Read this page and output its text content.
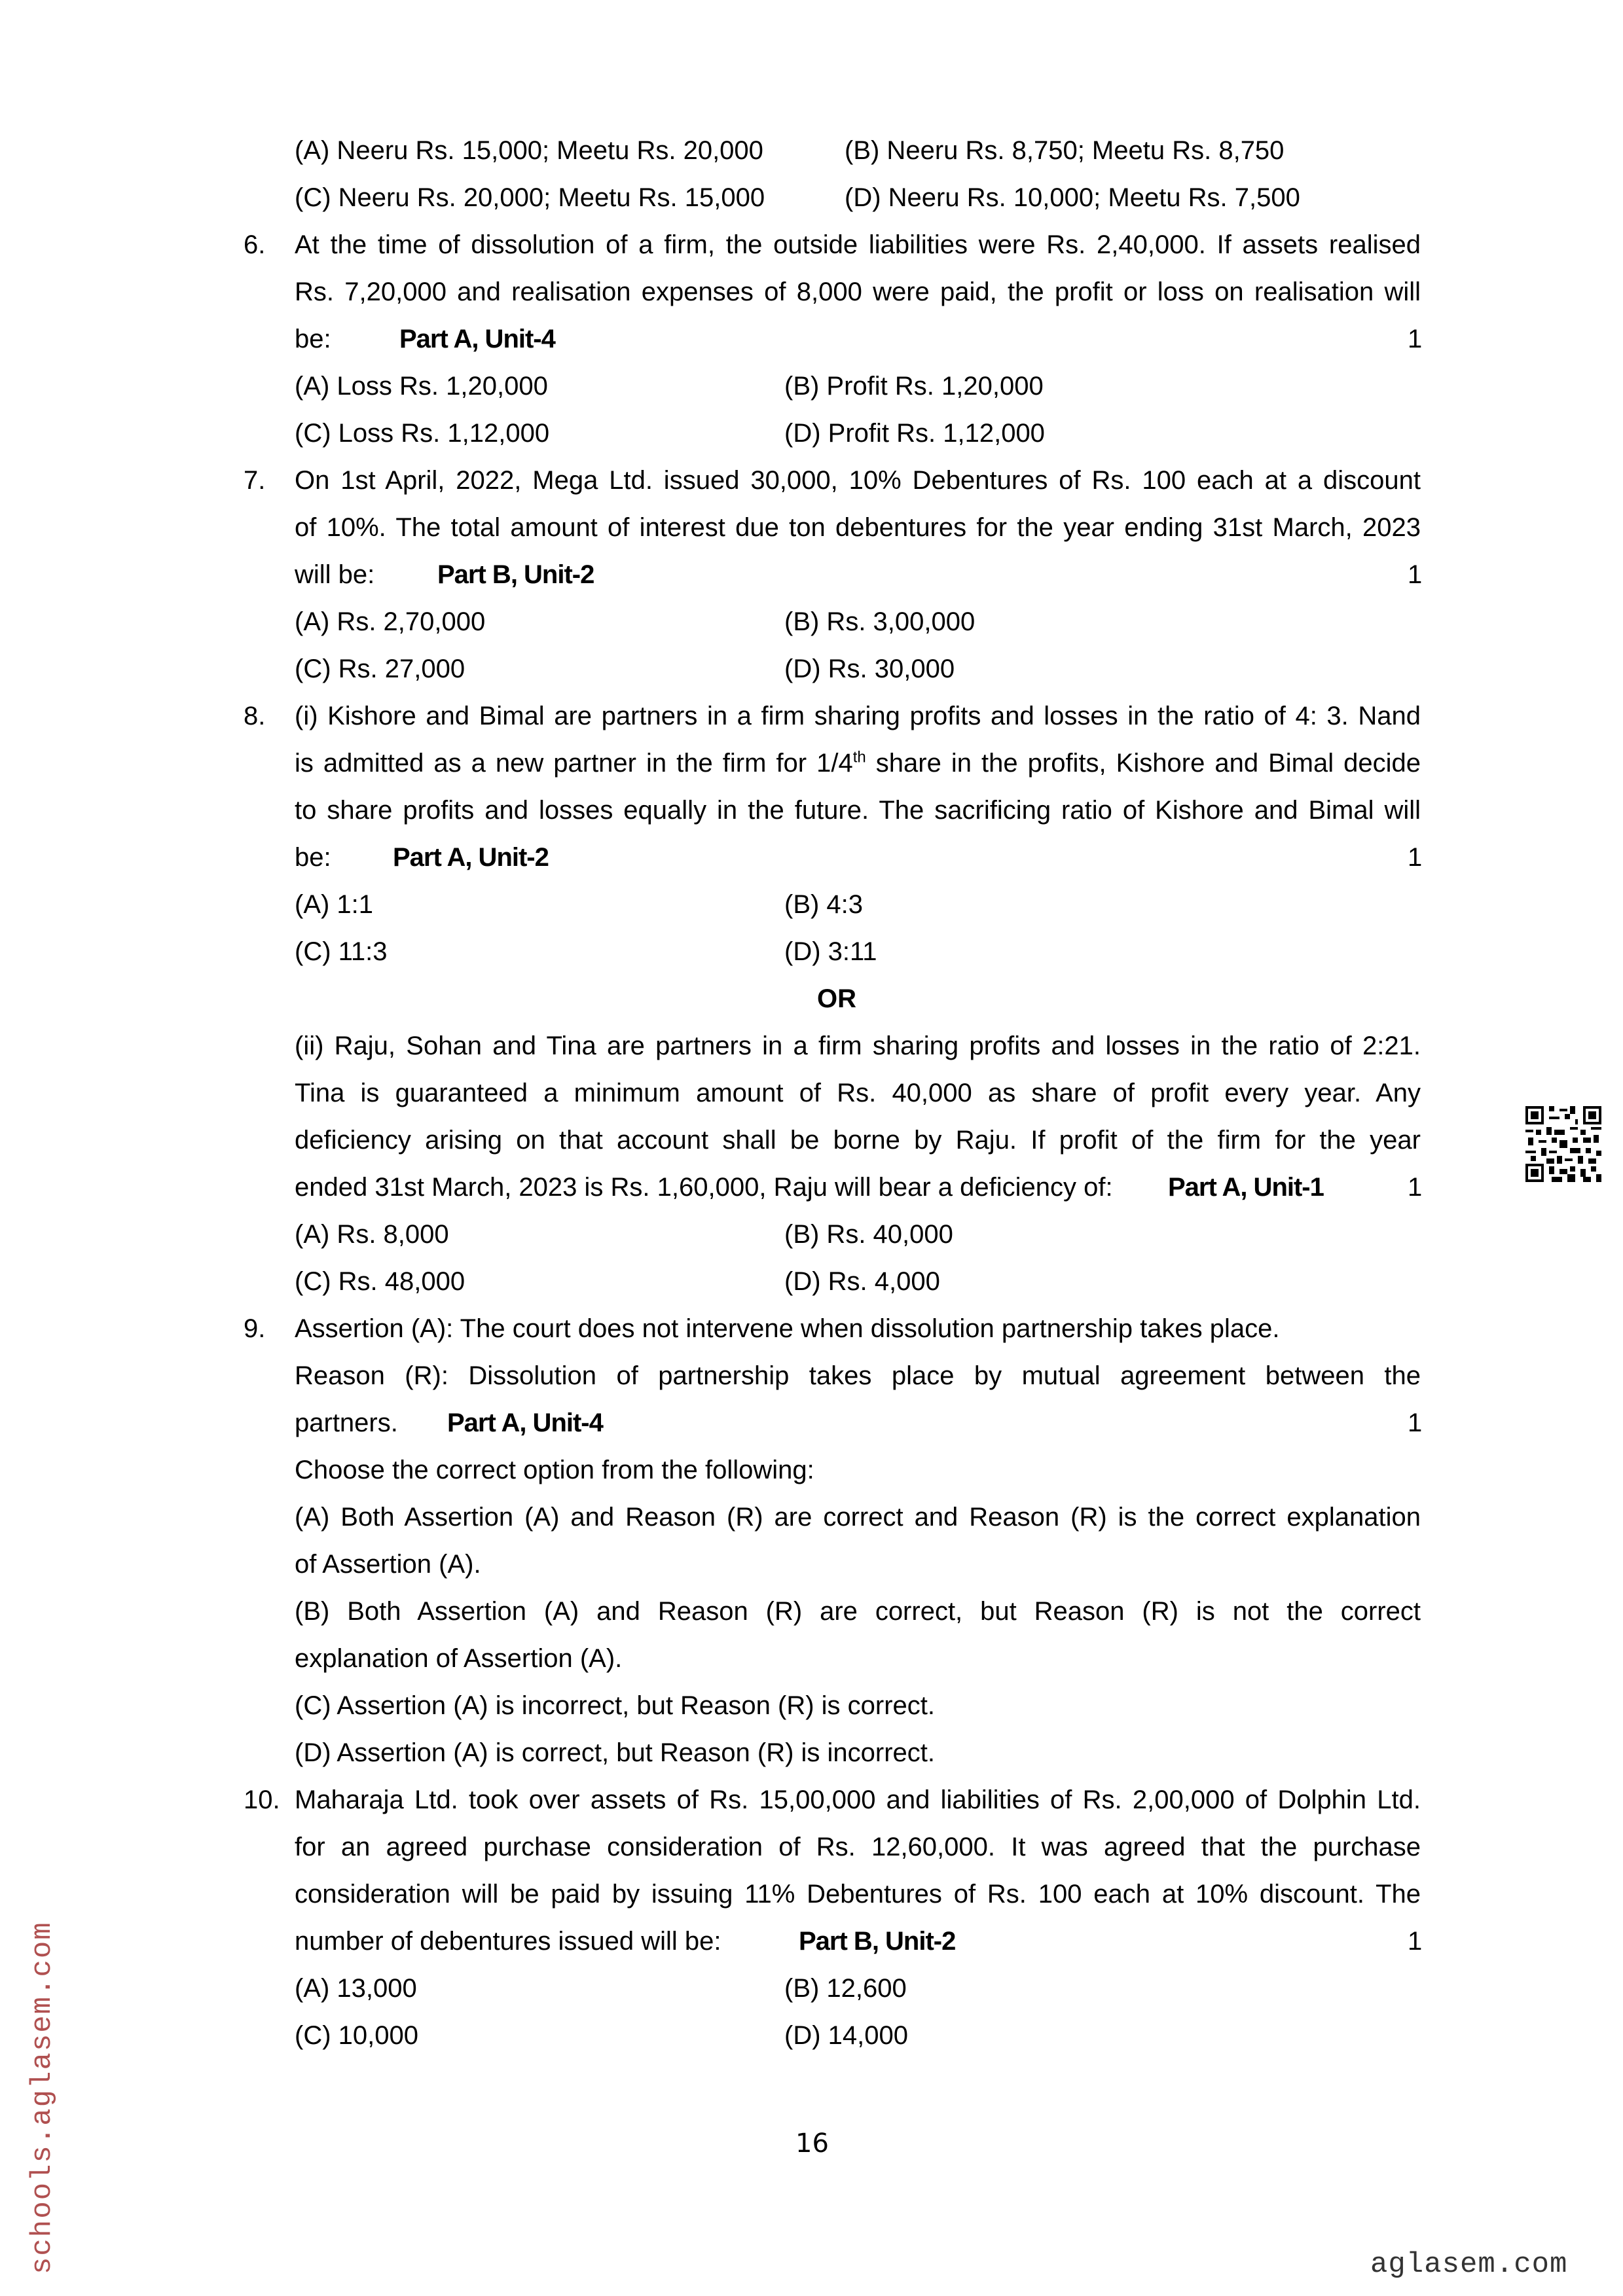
(A) Neeru Rs. 15,000; Meetu Rs. 20,000	(B) Neeru Rs. 8,750; Meetu Rs. 8,750
(C) Neeru Rs. 20,000; Meetu Rs. 15,000	(D) Neeru Rs. 10,000; Meetu Rs. 7,500
6. At the time of dissolution of a firm, the outside liabilities were Rs. 2,40,000. If assets realised
Rs. 7,20,000 and realisation expenses of 8,000 were paid, the profit or loss on realisation will
be:	Part A, Unit-4	1
(A) Loss Rs. 1,20,000	(B) Profit Rs. 1,20,000
(C) Loss Rs. 1,12,000	(D) Profit Rs. 1,12,000
7. On 1st April, 2022, Mega Ltd. issued 30,000, 10% Debentures of Rs. 100 each at a discount
of 10%. The total amount of interest due ton debentures for the year ending 31st March, 2023
will be: Part B, Unit-2	1
(A) Rs. 2,70,000	(B) Rs. 3,00,000
(C) Rs. 27,000	(D) Rs. 30,000
8. (i) Kishore and Bimal are partners in a firm sharing profits and losses in the ratio of 4: 3. Nand
is admitted as a new partner in the firm for 1/4th share in the profits, Kishore and Bimal decide
to share profits and losses equally in the future. The sacrificing ratio of Kishore and Bimal will
be: Part A, Unit-2	1
(A) 1:1	(B) 4:3
(C) 11:3	(D) 3:11
OR
(ii) Raju, Sohan and Tina are partners in a firm sharing profits and losses in the ratio of 2:21.
Tina is guaranteed a minimum amount of Rs. 40,000 as share of profit every year. Any
deficiency arising on that account shall be borne by Raju. If profit of the firm for the year
ended 31st March, 2023 is Rs. 1,60,000, Raju will bear a deficiency of: Part A, Unit-1	1
(A) Rs. 8,000	(B) Rs. 40,000
(C) Rs. 48,000	(D) Rs. 4,000
9. Assertion (A): The court does not intervene when dissolution partnership takes place.
Reason (R): Dissolution of partnership takes place by mutual agreement between the
partners. Part A, Unit-4	1
Choose the correct option from the following:
(A) Both Assertion (A) and Reason (R) are correct and Reason (R) is the correct explanation
of Assertion (A).
(B) Both Assertion (A) and Reason (R) are correct, but Reason (R) is not the correct
explanation of Assertion (A).
(C) Assertion (A) is incorrect, but Reason (R) is correct.
(D) Assertion (A) is correct, but Reason (R) is incorrect.
10. Maharaja Ltd. took over assets of Rs. 15,00,000 and liabilities of Rs. 2,00,000 of Dolphin Ltd.
for an agreed purchase consideration of Rs. 12,60,000. It was agreed that the purchase
consideration will be paid by issuing 11% Debentures of Rs. 100 each at 10% discount. The
number of debentures issued will be:	Part B, Unit-2	1
(A) 13,000	(B) 12,600
(C) 10,000	(D) 14,000
16
schools.aglasem.com	aglasem.com
